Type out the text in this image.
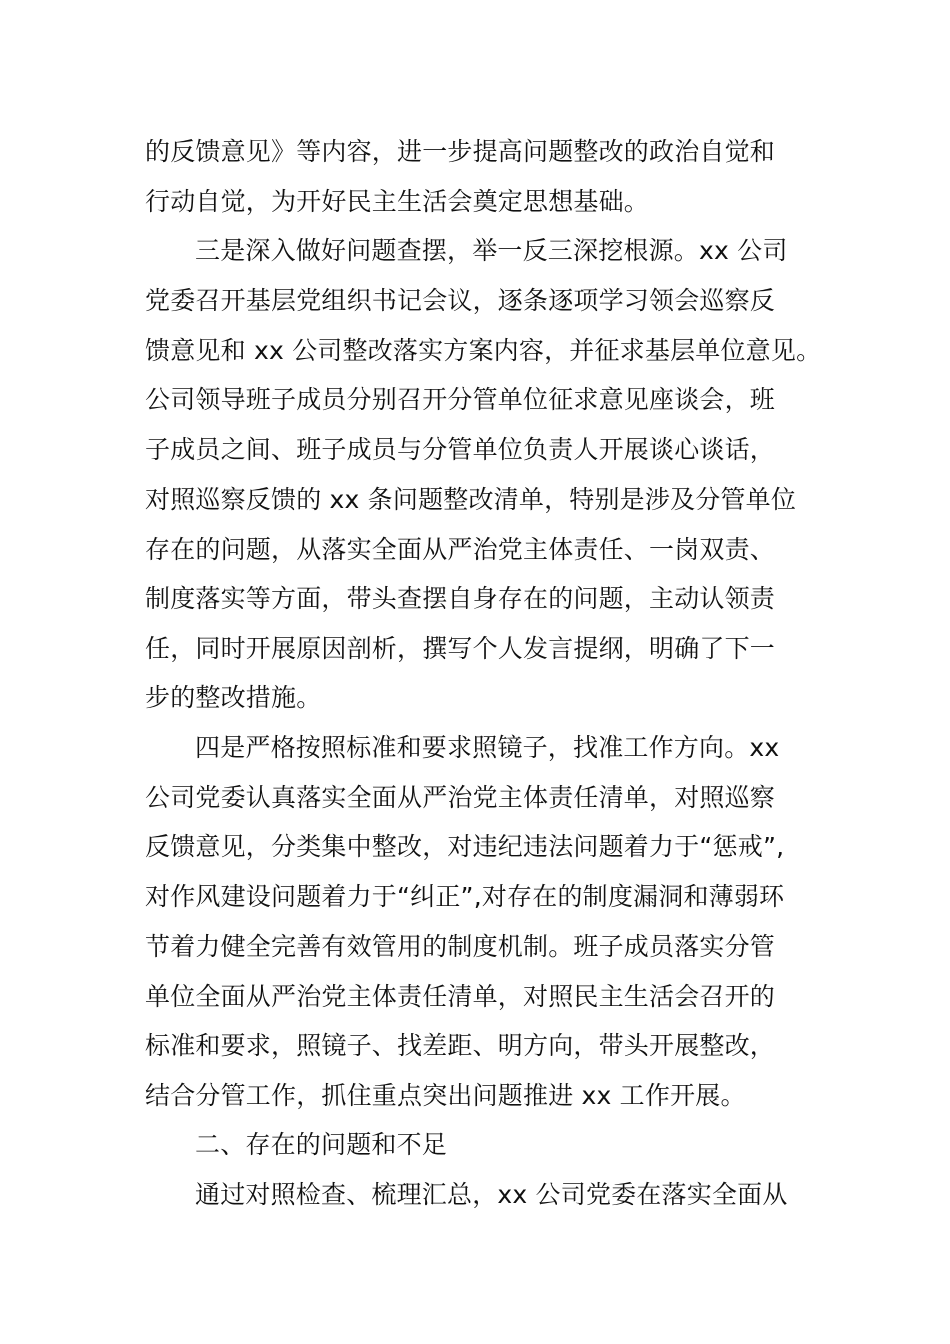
的反馈意见》等内容，进一步提高问题整改的政治自觉和
行动自觉，为开好民主生活会奠定思想基础。
三是深入做好问题查摆，举一反三深挖根源。xx 公司
党委召开基层党组织书记会议，逐条逐项学习领会巡察反
馈意见和 xx 公司整改落实方案内容，并征求基层单位意见。
公司领导班子成员分别召开分管单位征求意见座谈会，班
子成员之间、班子成员与分管单位负责人开展谈心谈话，
对照巡察反馈的 xx 条问题整改清单，特别是涉及分管单位
存在的问题，从落实全面从严治党主体责任、一岗双责、
制度落实等方面，带头查摆自身存在的问题，主动认领责
任，同时开展原因剖析，撰写个人发言提纲，明确了下一
步的整改措施。
四是严格按照标准和要求照镜子，找准工作方向。xx
公司党委认真落实全面从严治党主体责任清单，对照巡察
反馈意见，分类集中整改，对违纪违法问题着力于“惩戒”,
对作风建设问题着力于“纠正”,对存在的制度漏洞和薄弱环
节着力健全完善有效管用的制度机制。班子成员落实分管
单位全面从严治党主体责任清单，对照民主生活会召开的
标准和要求，照镜子、找差距、明方向，带头开展整改，
结合分管工作，抓住重点突出问题推进 xx 工作开展。
二、存在的问题和不足
通过对照检查、梳理汇总，xx 公司党委在落实全面从
